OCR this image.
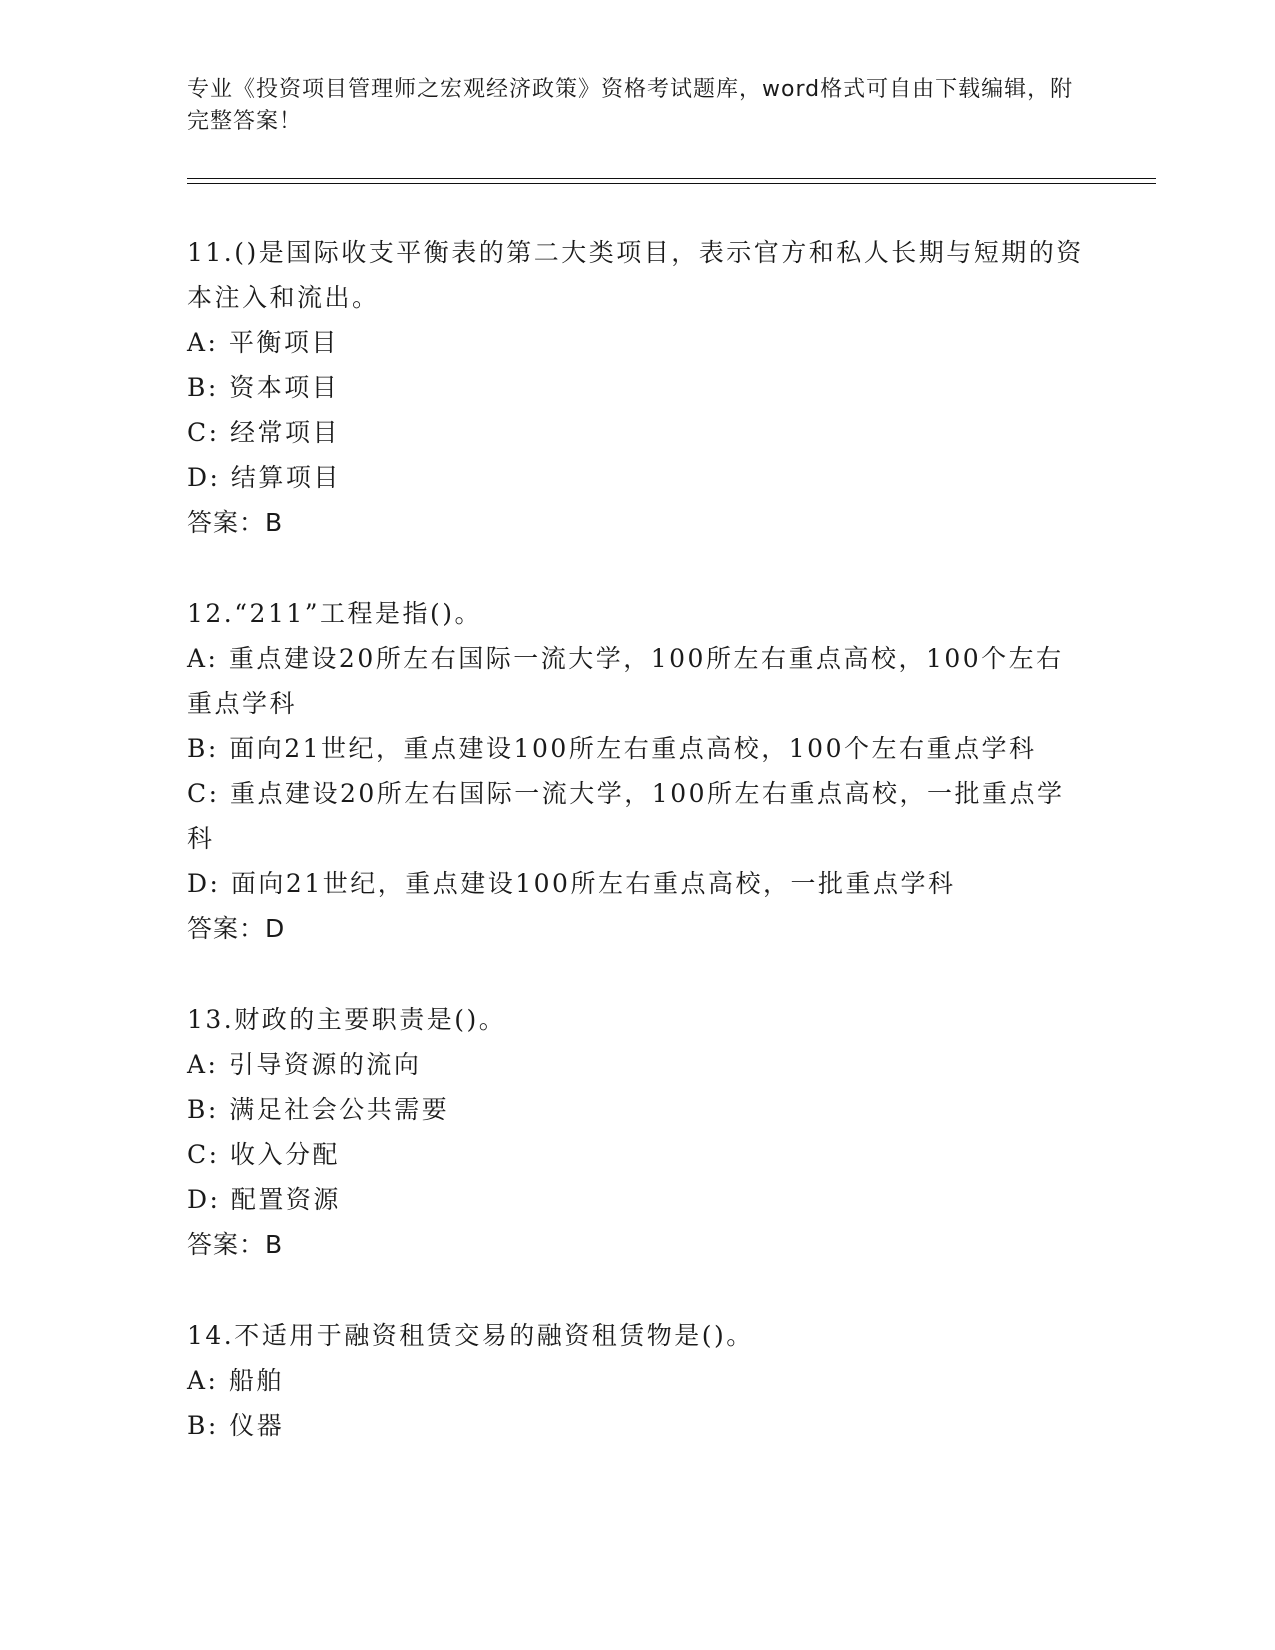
专业《投资项目管理师之宏观经济政策》资格考试题库，word格式可自由下载编辑，附完整答案！

11.()是国际收支平衡表的第二大类项目，表示官方和私人长期与短期的资本注入和流出。

A: 平衡项目

B: 资本项目

C: 经常项目

D: 结算项目

答案：B

12.“211”工程是指()。

A: 重点建设20所左右国际一流大学，100所左右重点高校，100个左右重点学科

B: 面向21世纪，重点建设100所左右重点高校，100个左右重点学科

C: 重点建设20所左右国际一流大学，100所左右重点高校，一批重点学科

D: 面向21世纪，重点建设100所左右重点高校，一批重点学科

答案：D

13.财政的主要职责是()。

A: 引导资源的流向

B: 满足社会公共需要

C: 收入分配

D: 配置资源

答案：B

14.不适用于融资租赁交易的融资租赁物是()。

A: 船舶

B: 仪器
